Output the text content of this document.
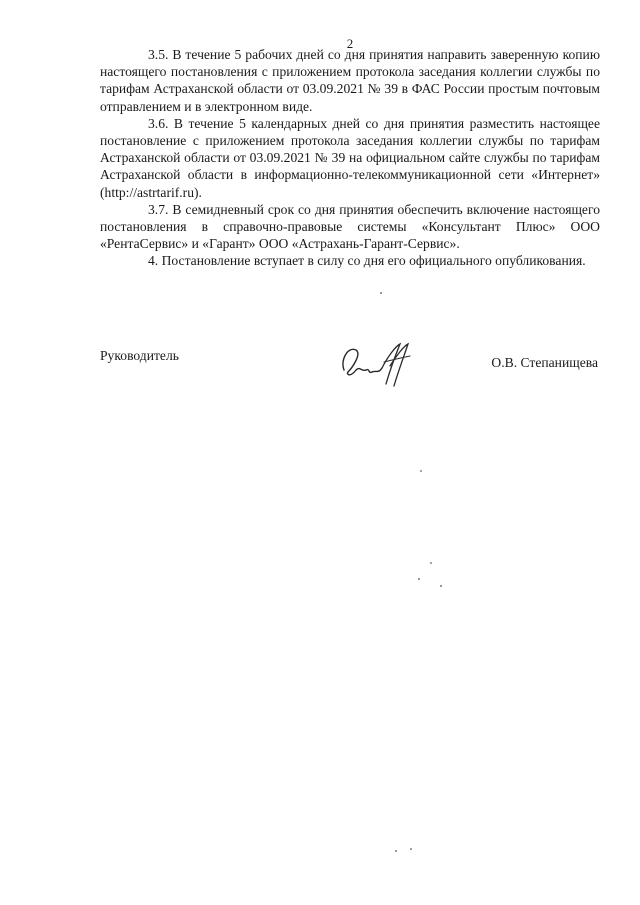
2

3.5. В течение 5 рабочих дней со дня принятия направить заверенную копию настоящего постановления с приложением протокола заседания коллегии службы по тарифам Астраханской области от 03.09.2021 № 39 в ФАС России простым почтовым отправлением и в электронном виде.

3.6. В течение 5 календарных дней со дня принятия разместить настоящее постановление с приложением протокола заседания коллегии службы по тарифам Астраханской области от 03.09.2021 № 39 на официальном сайте службы по тарифам Астраханской области в информационно-телекоммуникационной сети «Интернет» (http://astrtarif.ru).

3.7. В семидневный срок со дня принятия обеспечить включение настоящего постановления в справочно-правовые системы «Консультант Плюс» ООО «РентаСервис» и «Гарант» ООО «Астрахань-Гарант-Сервис».

4. Постановление вступает в силу со дня его официального опубликования.

Руководитель	О.В. Степанищева
